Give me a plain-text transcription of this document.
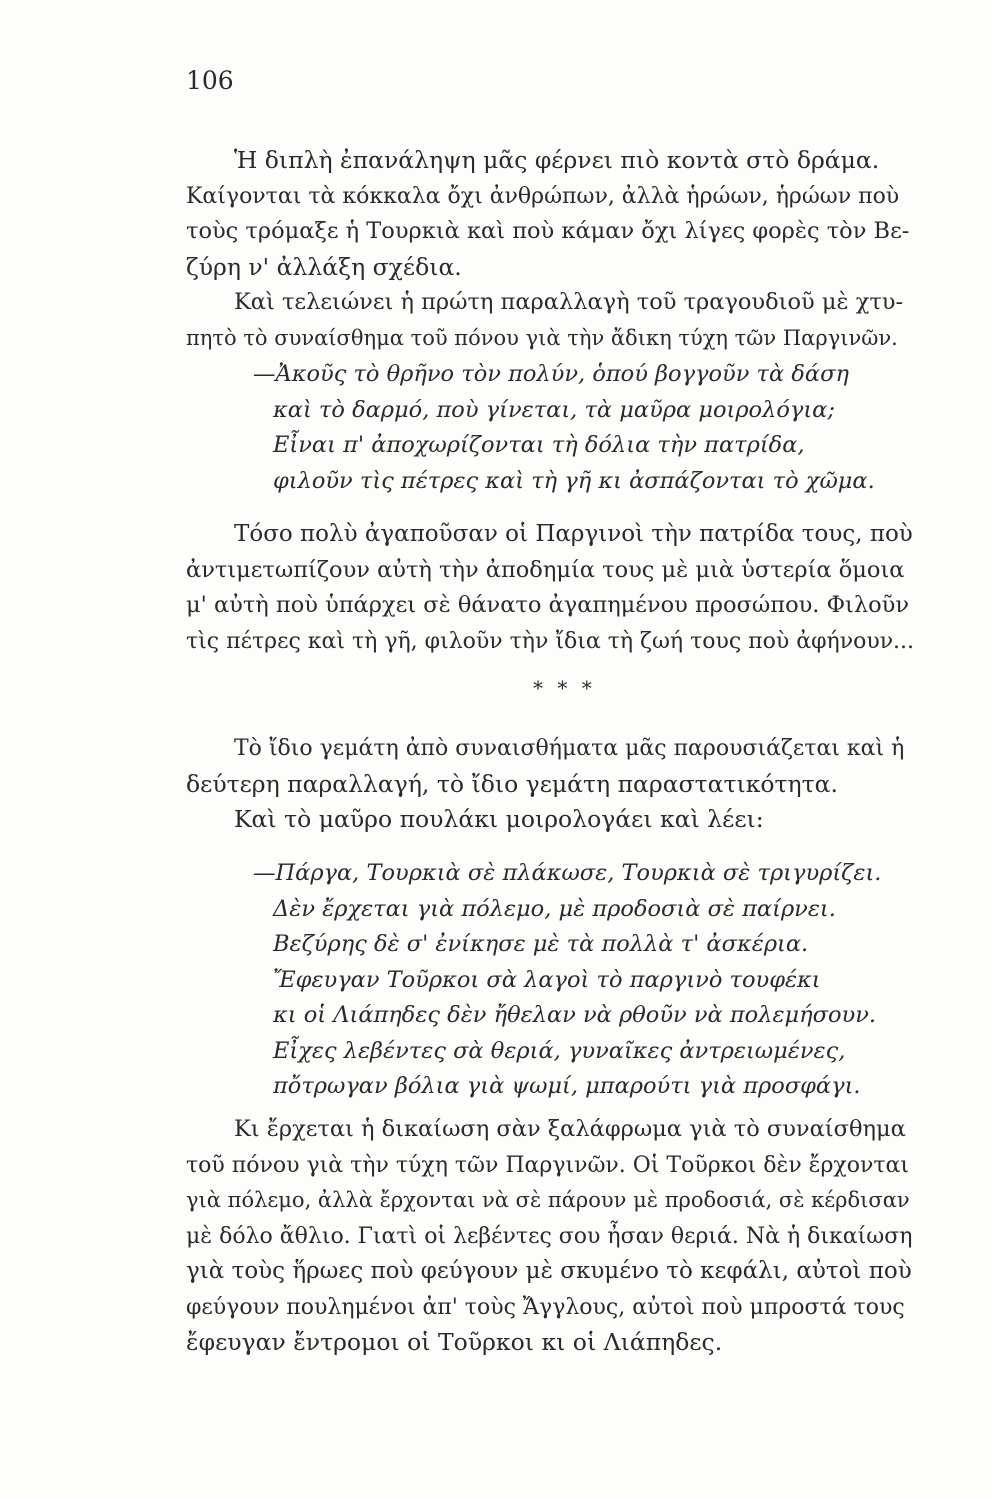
106
Ἡ διπλὴ ἐπανάληψη μᾶς φέρνει πιὸ κοντὰ στὸ δράμα.
Καίγονται τὰ κόκκαλα ὄχι ἀνθρώπων, ἀλλὰ ἡρώων, ἡρώων ποὺ
τοὺς τρόμαξε ἡ Τουρκιὰ καὶ ποὺ κάμαν ὄχι λίγες φορὲς τὸν Βε-
ζύρη ν' ἀλλάξη σχέδια.
Καὶ τελειώνει ἡ πρώτη παραλλαγὴ τοῦ τραγουδιοῦ μὲ χτυ-
πητὸ τὸ συναίσθημα τοῦ πόνου γιὰ τὴν ἄδικη τύχη τῶν Παργινῶν.
—Ἀκοῦς τὸ θρῆνο τὸν πολύν, ὁπού βογγοῦν τὰ δάση
καὶ τὸ δαρμό, ποὺ γίνεται, τὰ μαῦρα μοιρολόγια;
Εἶναι π' ἀποχωρίζονται τὴ δόλια τὴν πατρίδα,
φιλοῦν τὶς πέτρες καὶ τὴ γῆ κι ἀσπάζονται τὸ χῶμα.
Τόσο πολὺ ἀγαποῦσαν οἱ Παργινοὶ τὴν πατρίδα τους, ποὺ
ἀντιμετωπίζουν αὐτὴ τὴν ἀποδημία τους μὲ μιὰ ὑστερία ὅμοια
μ' αὐτὴ ποὺ ὑπάρχει σὲ θάνατο ἀγαπημένου προσώπου. Φιλοῦν
τὶς πέτρες καὶ τὴ γῆ, φιλοῦν τὴν ἴδια τὴ ζωή τους ποὺ ἀφήνουν...
* * *
Τὸ ἴδιο γεμάτη ἀπὸ συναισθήματα μᾶς παρουσιάζεται καὶ ἡ
δεύτερη παραλλαγή, τὸ ἴδιο γεμάτη παραστατικότητα.
Καὶ τὸ μαῦρο πουλάκι μοιρολογάει καὶ λέει:
—Πάργα, Τουρκιὰ σὲ πλάκωσε, Τουρκιὰ σὲ τριγυρίζει.
Δὲν ἔρχεται γιὰ πόλεμο, μὲ προδοσιὰ σὲ παίρνει.
Βεζύρης δὲ σ' ἐνίκησε μὲ τὰ πολλὰ τ' ἀσκέρια.
Ἔφευγαν Τοῦρκοι σὰ λαγοὶ τὸ παργινὸ τουφέκι
κι οἱ Λιάπηδες δὲν ἤθελαν νὰ ρθοῦν νὰ πολεμήσουν.
Εἶχες λεβέντες σὰ θεριά, γυναῖκες ἀντρειωμένες,
πὄτρωγαν βόλια γιὰ ψωμί, μπαρούτι γιὰ προσφάγι.
Κι ἔρχεται ἡ δικαίωση σὰν ξαλάφρωμα γιὰ τὸ συναίσθημα
τοῦ πόνου γιὰ τὴν τύχη τῶν Παργινῶν. Οἱ Τοῦρκοι δὲν ἔρχονται
γιὰ πόλεμο, ἀλλὰ ἔρχονται νὰ σὲ πάρουν μὲ προδοσιά, σὲ κέρδισαν
μὲ δόλο ἄθλιο. Γιατὶ οἱ λεβέντες σου ἦσαν θεριά. Νὰ ἡ δικαίωση
γιὰ τοὺς ἥρωες ποὺ φεύγουν μὲ σκυμένο τὸ κεφάλι, αὐτοὶ ποὺ
φεύγουν πουλημένοι ἀπ' τοὺς Ἄγγλους, αὐτοὶ ποὺ μπροστά τους
ἔφευγαν ἔντρομοι οἱ Τοῦρκοι κι οἱ Λιάπηδες.
